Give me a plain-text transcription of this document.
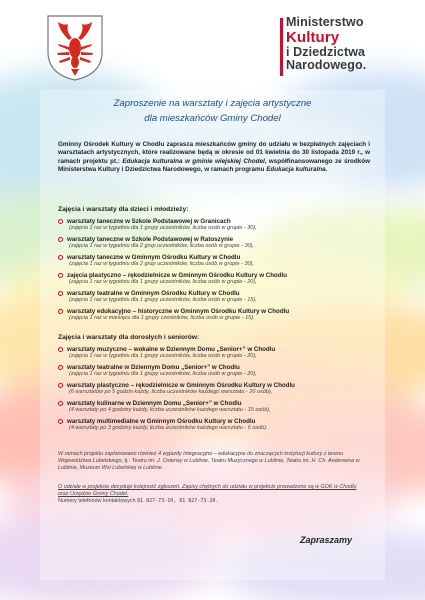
Ministerstwo
Kultury
i Dziedzictwa
Narodowego.
Zaproszenie na warsztaty i zajęcia artystyczne
dla mieszkańców Gminy Chodel
Gminny Ośrodek Kultury w Chodlu zaprasza mieszkańców gminy do udziału w bezpłatnych zajęciach i warsztatach artystycznych, które realizowane będą w okresie od 01 kwietnia do 30 listopada 2019 r., w ramach projektu pt.: Edukacja kulturalna w gminie wiejskiej Chodel, współfinansowanego ze środków Ministerstwa Kultury i Dziedzictwa Narodowego, w ramach programu Edukacja kulturalna.
Zajęcia i warsztaty dla dzieci i młodzieży:
warsztaty taneczne w Szkole Podstawowej w Granicach
(zajęcia 1 raz w tygodniu dla 1 grupy uczestników, liczba osób w grupie - 30),
warsztaty taneczne w Szkole Podstawowej w Ratoszynie
(zajęcia 1 raz w tygodniu dla 2 grup uczestników, liczba osób w grupie - 30),
warsztaty taneczne w Gminnym Ośrodku Kultury w Chodlu
(zajęcia 1 raz w tygodniu dla 2 grup uczestników, liczba osób w grupie - 30),
zajęcia plastyczno – rękodzielnicze w Gminnym Ośrodku Kultury w Chodlu
(zajęcia 1 raz w tygodniu dla 1 grupy uczestników, liczba osób w grupie - 20),
warsztaty teatralne w Gminnym Ośrodku Kultury w Chodlu
(zajęcia 1 raz w tygodniu dla 1 grupy uczestników, liczba osób w grupie - 15),
warsztaty edukacyjno – historyczne w Gminnym Ośrodku Kultury w Chodlu
(zajęcia 1 raz w miesiącu dla 1 grupy czestników, liczba osób w grupie - 15).
Zajęcia i warsztaty dla dorosłych i seniorów:
warsztaty muzyczno – wokalne w Dziennym Domu „Senior+” w Chodlu
(zajęcia 1 raz w tygodniu dla 1 grupy uczestników, liczba osób w grupie - 20),
warsztaty teatralne w Dziennym Domu „Senior+” w Chodlu
(zajęcia 1 raz w tygodniu dla 1 grupy uczestników, liczba osób w grupie - 20),
warsztaty plastyczno – rękodzielnicze w Gminnym Ośrodku Kultury w Chodlu
(6 warsztatów po 5 godzin każdy, liczba uczestników każdego warsztatu - 20 osób),
warsztaty kulinarne w Dziennym Domu „Senior+” w Chodlu
(4 warsztaty po 4 godziny każdy, liczba uczestników każdego warsztatu - 15 osób),
warsztaty multimedialne w Gminnym Ośrodku Kultury w Chodlu
(4 warsztaty po 3 godziny każdy, liczba uczestników każdego warsztatu - 6 osób).
W ramach projektu zaplanowano również 4 wyjazdy integracyjno – edukacyjne do znaczących instytucji kultury z terenu Województwa Lubelskiego, tj.: Teatru im. J. Osterwy w Lublinie, Teatru Muzycznego w Lublinie, Teatru im. H. Ch. Andersena w Lublinie, Muzeum Wsi Lubelskiej w Lublinie.
O udziale w projekcie decyduje kolejność zgłoszeń. Zapisy chętnych do udziału w projekcie prowadzone są w GOK w Chodlu oraz Urzędzie Gminy Chodel.
Numery telefonów kontaktowych 81 827-73-10, 81 827-73-20.
Zapraszamy
